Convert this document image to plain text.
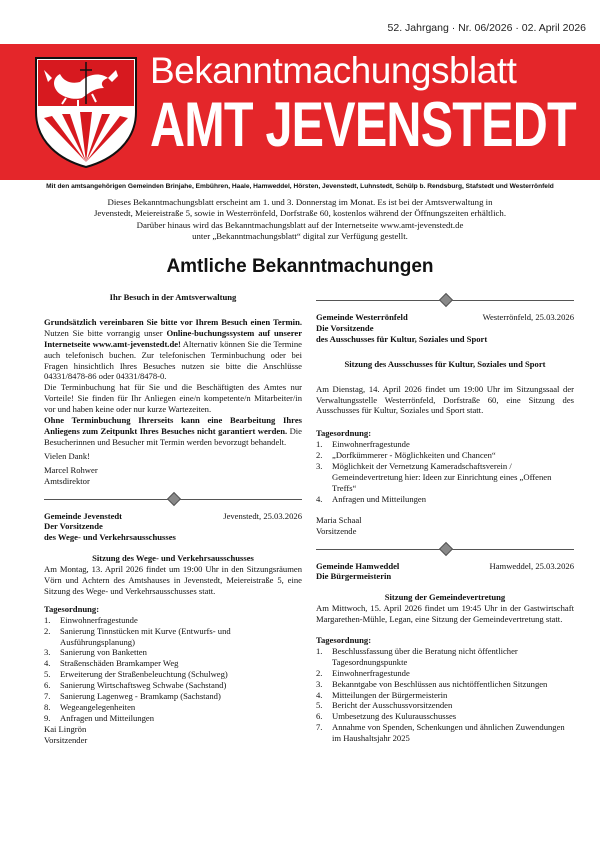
52. Jahrgang · Nr. 06/2026 · 02. April 2026
Bekanntmachungsblatt
AMT JEVENSTEDT
Mit den amtsangehörigen Gemeinden Brinjahe, Embühren, Haale, Hamweddel, Hörsten, Jevenstedt, Luhnstedt, Schülp b. Rendsburg, Stafstedt und Westerrönfeld
Dieses Bekanntmachungsblatt erscheint am 1. und 3. Donnerstag im Monat. Es ist bei der Amtsverwaltung in
Jevenstedt, Meiereistraße 5, sowie in Westerrönfeld, Dorfstraße 60, kostenlos während der Öffnungszeiten erhältlich.
Darüber hinaus wird das Bekanntmachungsblatt auf der Internetseite www.amt-jevenstedt.de
unter „Bekanntmachungsblatt“ digital zur Verfügung gestellt.
Amtliche Bekanntmachungen

Ihr Besuch in der Amtsverwaltung

Grundsätzlich vereinbaren Sie bitte vor Ihrem Besuch einen Termin. Nutzen Sie bitte vorrangig unser Online-buchungssystem auf unserer Internetseite www.amt-jevenstedt.de! Alternativ können Sie die Termine auch telefonisch buchen. Zur telefonischen Terminbuchung oder bei Fragen hinsichtlich Ihres Besuches nutzen sie bitte die Anschlüsse 04331/8478-86 oder 04331/8478-0.

Die Terminbuchung hat für Sie und die Beschäftigten des Amtes nur Vorteile! Sie finden für Ihr Anliegen eine/n kompetente/n Mitarbeiter/in vor und haben keine oder nur kurze Wartezeiten.

Ohne Terminbuchung Ihrerseits kann eine Bearbeitung Ihres Anliegens zum Zeitpunkt Ihres Besuches nicht garantiert werden. Die Besucherinnen und Besucher mit Termin werden bevorzugt behandelt.

Vielen Dank!

Marcel Rohwer

Amtsdirektor

Gemeinde Jevenstedt	Jevenstedt, 25.03.2026

Der Vorsitzende

des Wege- und Verkehrsausschusses

Sitzung des Wege- und Verkehrsausschusses

Am Montag, 13. April 2026 findet um 19:00 Uhr in den Sitzungsräumen Vörn und Achtern des Amtshauses in Jevenstedt, Meiereistraße 5, eine Sitzung des Wege- und Verkehrsausschusses statt.

Tagesordnung:

1.	Einwohnerfragestunde
2.	Sanierung Tinnstücken mit Kurve (Entwurfs- und Ausführungsplanung)
3.	Sanierung von Banketten
4.	Straßenschäden Bramkamper Weg
5.	Erweiterung der Straßenbeleuchtung (Schulweg)
6.	Sanierung Wirtschaftsweg Schwabe (Sachstand)
7.	Sanierung Lagenweg - Bramkamp (Sachstand)
8.	Wegeangelegenheiten
9.	Anfragen und Mitteilungen

Kai Lingrön

Vorsitzender

Gemeinde Westerrönfeld	Westerrönfeld, 25.03.2026

Die Vorsitzende

des Ausschusses für Kultur, Soziales und Sport

Sitzung des Ausschusses für Kultur, Soziales und Sport

Am Dienstag, 14. April 2026 findet um 19:00 Uhr im Sitzungssaal der Verwaltungsstelle Westerrönfeld, Dorfstraße 60, eine Sitzung des Ausschusses für Kultur, Soziales und Sport statt.

Tagesordnung:

1.	Einwohnerfragestunde
2.	„Dorfkümmerer - Möglichkeiten und Chancen“
3.	Möglichkeit der Vernetzung Kameradschaftsverein / Gemeindevertretung hier: Ideen zur Einrichtung eines „Offenen Treffs“
4.	Anfragen und Mitteilungen

Maria Schaal

Vorsitzende

Gemeinde Hamweddel	Hamweddel, 25.03.2026

Die Bürgermeisterin

Sitzung der Gemeindevertretung

Am Mittwoch, 15. April 2026 findet um 19:45 Uhr in der Gastwirtschaft Margarethen-Mühle, Legan, eine Sitzung der Gemeindevertretung statt.

Tagesordnung:

1.	Beschlussfassung über die Beratung nicht öffentlicher Tagesordnungspunkte
2.	Einwohnerfragestunde
3.	Bekanntgabe von Beschlüssen aus nichtöffentlichen Sitzungen
4.	Mitteilungen der Bürgermeisterin
5.	Bericht der Ausschussvorsitzenden
6.	Umbesetzung des Kulurausschusses
7.	Annahme von Spenden, Schenkungen und ähnlichen Zuwendungen im Haushaltsjahr 2025
